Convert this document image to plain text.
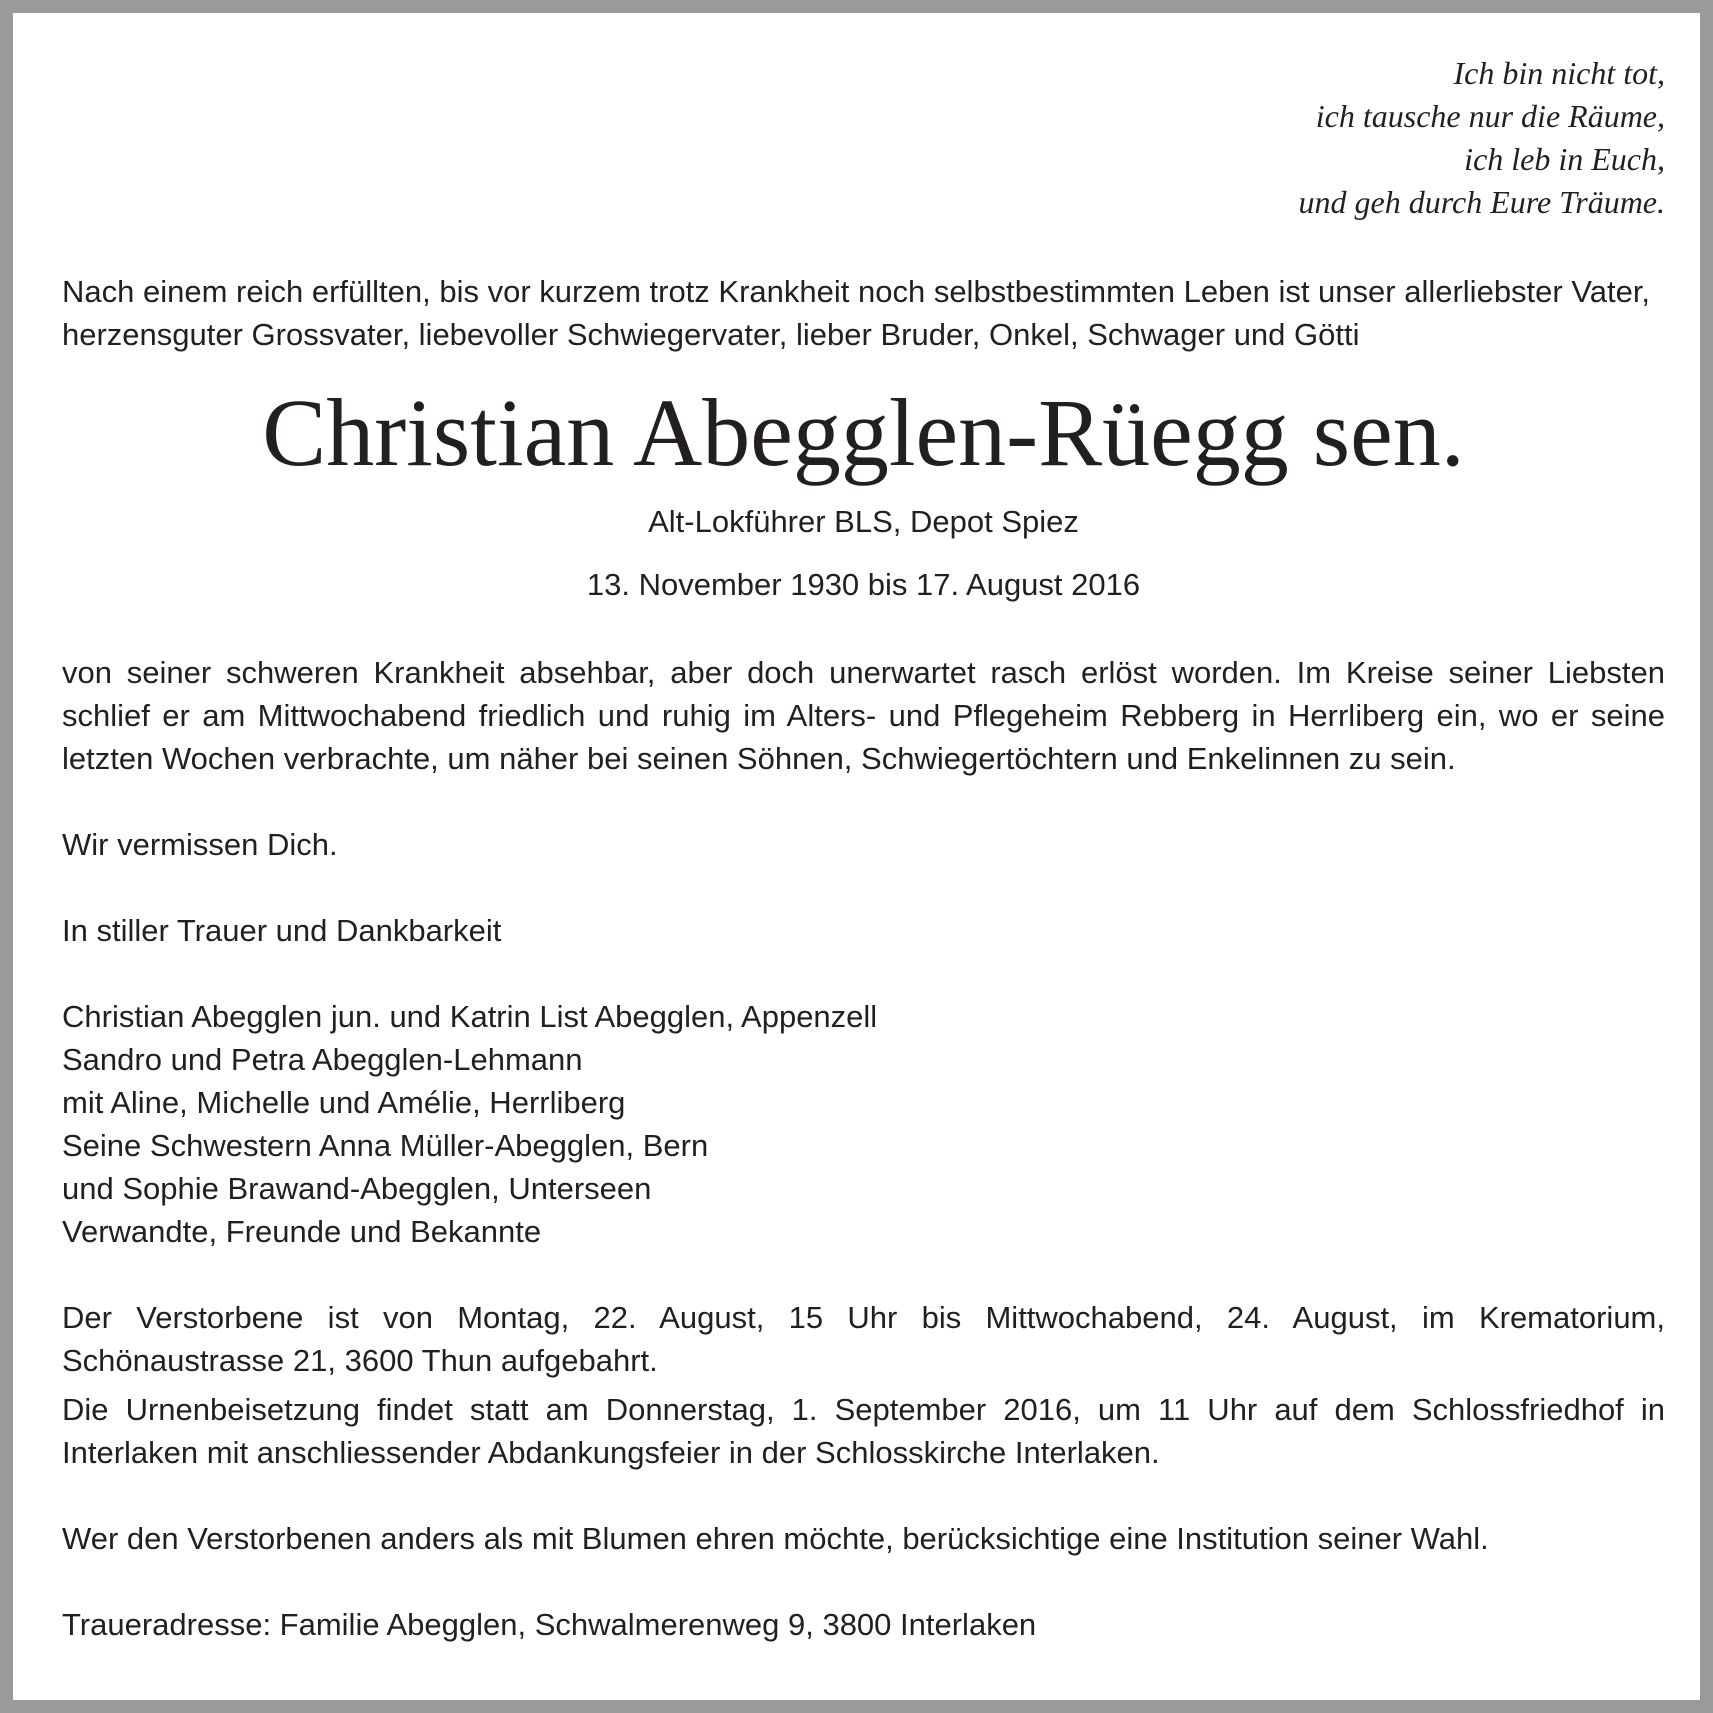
Ich bin nicht tot,
ich tausche nur die Räume,
ich leb in Euch,
und geh durch Eure Träume.
Nach einem reich erfüllten, bis vor kurzem trotz Krankheit noch selbstbestimmten Leben ist unser allerliebster Vater, herzensguter Grossvater, liebevoller Schwiegervater, lieber Bruder, Onkel, Schwager und Götti
Christian Abegglen-Rüegg sen.
Alt-Lokführer BLS, Depot Spiez
13. November 1930 bis 17. August 2016
von seiner schweren Krankheit absehbar, aber doch unerwartet rasch erlöst worden. Im Kreise seiner Liebsten schlief er am Mittwochabend friedlich und ruhig im Alters- und Pflegeheim Rebberg in Herrliberg ein, wo er seine letzten Wochen verbrachte, um näher bei seinen Söhnen, Schwiegertöchtern und Enkelinnen zu sein.
Wir vermissen Dich.
In stiller Trauer und Dankbarkeit
Christian Abegglen jun. und Katrin List Abegglen, Appenzell
Sandro und Petra Abegglen-Lehmann
mit Aline, Michelle und Amélie, Herrliberg
Seine Schwestern Anna Müller-Abegglen, Bern
und Sophie Brawand-Abegglen, Unterseen
Verwandte, Freunde und Bekannte
Der Verstorbene ist von Montag, 22. August, 15 Uhr bis Mittwochabend, 24. August, im Krematorium, Schönaustrasse 21, 3600 Thun aufgebahrt.
Die Urnenbeisetzung findet statt am Donnerstag, 1. September 2016, um 11 Uhr auf dem Schlossfriedhof in Interlaken mit anschliessender Abdankungsfeier in der Schlosskirche Interlaken.
Wer den Verstorbenen anders als mit Blumen ehren möchte, berücksichtige eine Institution seiner Wahl.
Traueradresse: Familie Abegglen, Schwalmerenweg 9, 3800 Interlaken
